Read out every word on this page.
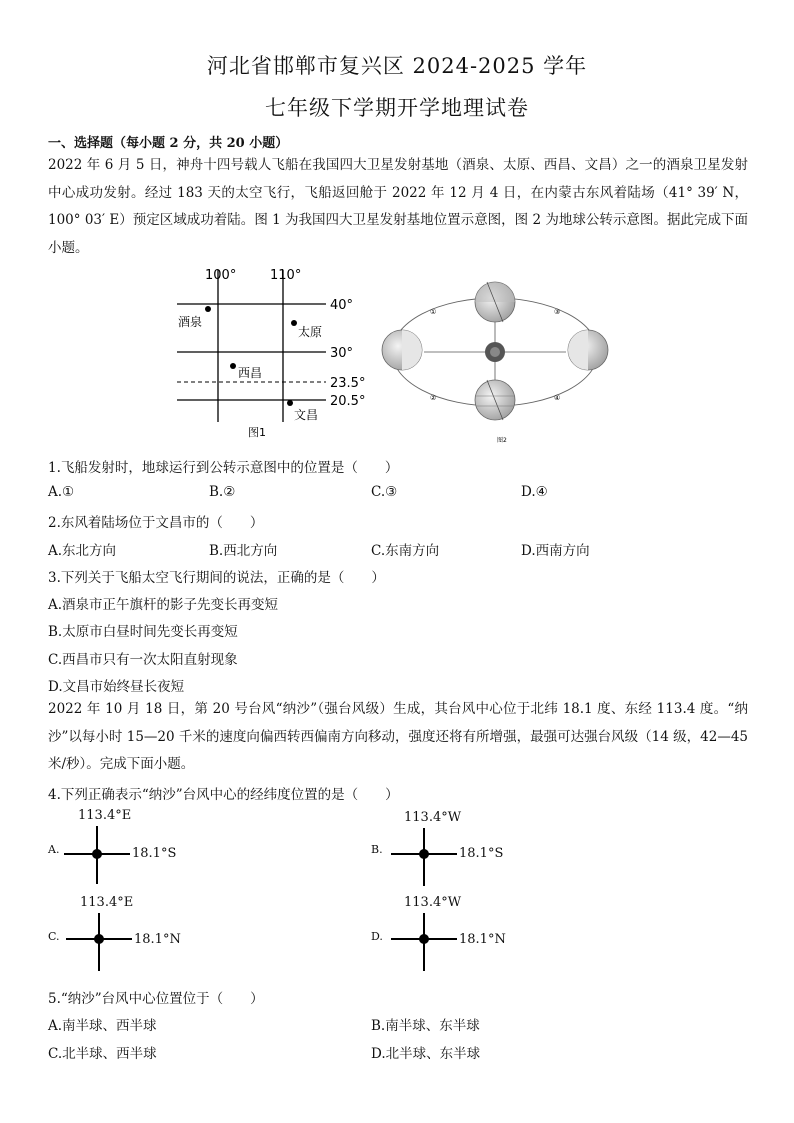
河北省邯郸市复兴区 2024-2025 学年
七年级下学期开学地理试卷
一、选择题（每小题 2 分，共 20 小题）
2022 年 6 月 5 日，神舟十四号载人飞船在我国四大卫星发射基地（酒泉、太原、西昌、文昌）之一的酒泉卫星发射中心成功发射。经过 183 天的太空飞行，飞船返回舱于 2022 年 12 月 4 日，在内蒙古东风着陆场（41° 39′ N，100° 03′ E）预定区域成功着陆。图 1 为我国四大卫星发射基地位置示意图，图 2 为地球公转示意图。据此完成下面小题。
100°	110°
40°
30°
23.5°
20.5°
酒泉
太原
西昌
文昌
图1
①
②
③
④
图2
1.飞船发射时，地球运行到公转示意图中的位置是（　　）
A.①	B.②	C.③	D.④
2.东风着陆场位于文昌市的（　　）
A.东北方向	B.西北方向	C.东南方向	D.西南方向
3.下列关于飞船太空飞行期间的说法，正确的是（　　）
A.酒泉市正午旗杆的影子先变长再变短
B.太原市白昼时间先变长再变短
C.西昌市只有一次太阳直射现象
D.文昌市始终昼长夜短
2022 年 10 月 18 日，第 20 号台风“纳沙”（强台风级）生成，其台风中心位于北纬 18.1 度、东经 113.4 度。“纳沙”以每小时 15—20 千米的速度向偏西转西偏南方向移动，强度还将有所增强，最强可达强台风级（14 级，42—45 米/秒）。完成下面小题。
4.下列正确表示“纳沙”台风中心的经纬度位置的是（　　）
A.
113.4°E
18.1°S	B.
113.4°W
18.1°S
C.
113.4°E
18.1°N	D.
113.4°W
18.1°N
5.“纳沙”台风中心位置位于（　　）
A.南半球、西半球	B.南半球、东半球
C.北半球、西半球	D.北半球、东半球
